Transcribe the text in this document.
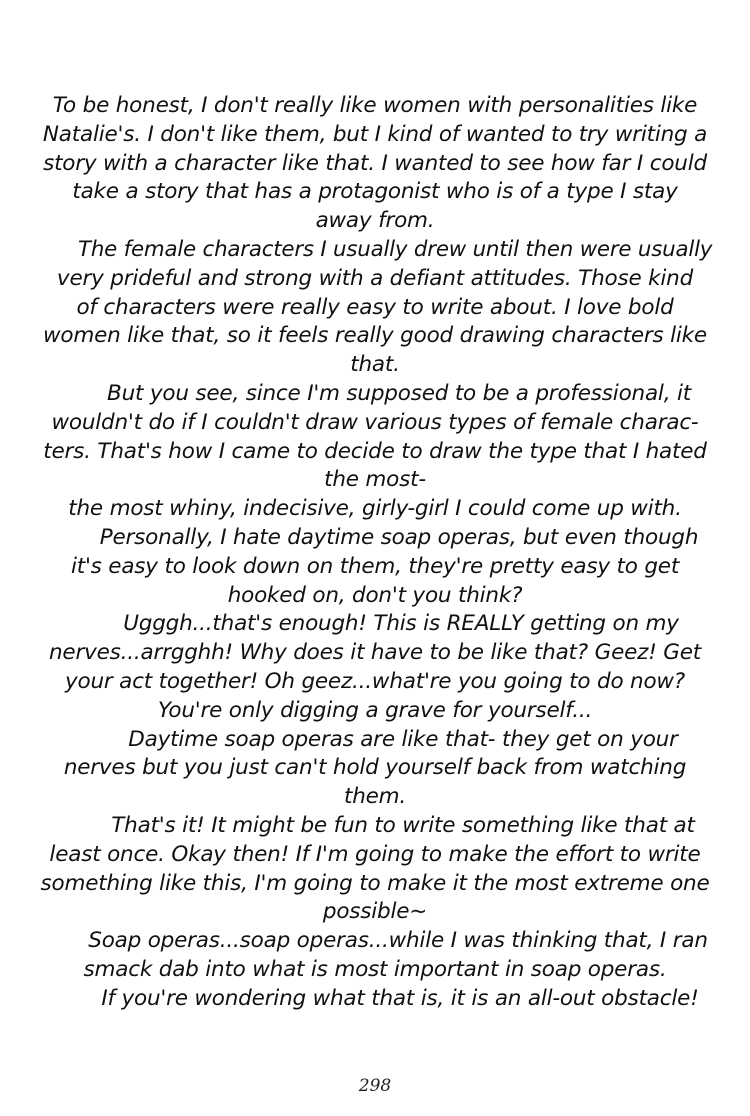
To be honest, I don't really like women with personalities like
Natalie's. I don't like them, but I kind of wanted to try writing a
story with a character like that. I wanted to see how far I could
take a story that has a protagonist who is of a type I stay
away from.
The female characters I usually drew until then were usually
very prideful and strong with a defiant attitudes. Those kind
of characters were really easy to write about. I love bold
women like that, so it feels really good drawing characters like
that.
But you see, since I'm supposed to be a professional, it
wouldn't do if I couldn't draw various types of female charac-
ters. That's how I came to decide to draw the type that I hated
the most-
the most whiny, indecisive, girly-girl I could come up with.
Personally, I hate daytime soap operas, but even though
it's easy to look down on them, they're pretty easy to get
hooked on, don't you think?
Ugggh...that's enough! This is REALLY getting on my
nerves...arrgghh! Why does it have to be like that? Geez! Get
your act together! Oh geez...what're you going to do now?
You're only digging a grave for yourself...
Daytime soap operas are like that- they get on your
nerves but you just can't hold yourself back from watching
them.
That's it! It might be fun to write something like that at
least once. Okay then! If I'm going to make the effort to write
something like this, I'm going to make it the most extreme one
possible~
Soap operas...soap operas...while I was thinking that, I ran
smack dab into what is most important in soap operas.
If you're wondering what that is, it is an all-out obstacle!
298
